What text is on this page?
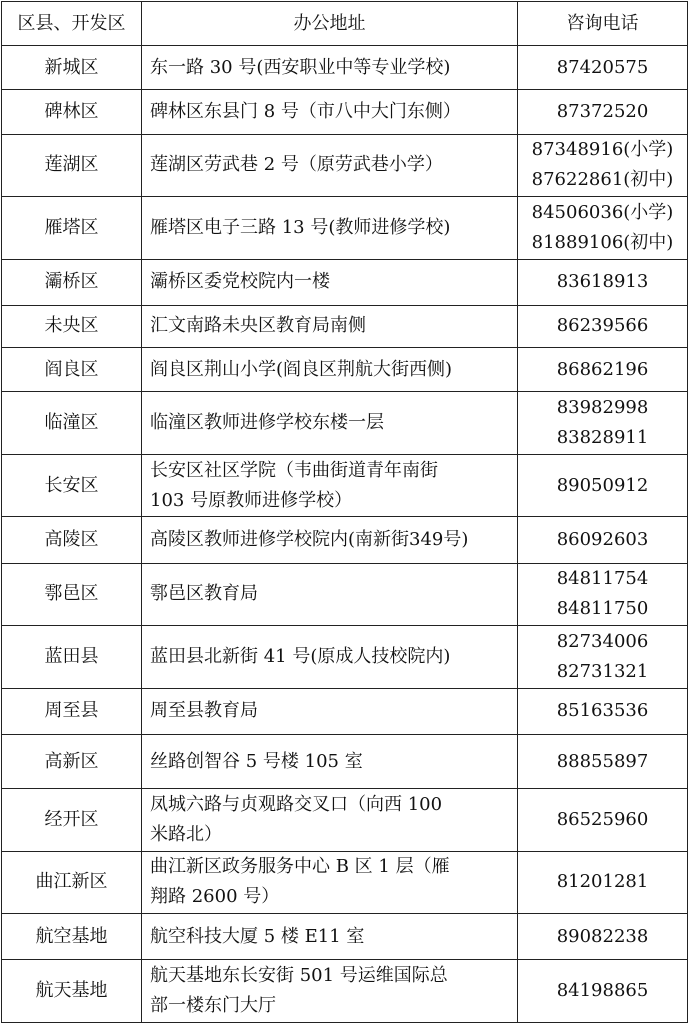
区县、开发区	办公地址	咨询电话
新城区	东一路 30 号(西安职业中等专业学校)	87420575

碑林区	碑林区东县门 8 号（市八中大门东侧）	87372520

莲湖区	莲湖区劳武巷 2 号（原劳武巷小学）	87348916(小学)
87622861(初中)

雁塔区	雁塔区电子三路 13 号(教师进修学校)	84506036(小学)
81889106(初中)

灞桥区	灞桥区委党校院内一楼	83618913

未央区	汇文南路未央区教育局南侧	86239566

阎良区	阎良区荆山小学(阎良区荆航大街西侧)	86862196

临潼区	临潼区教师进修学校东楼一层	83982998
83828911

长安区	长安区社区学院（韦曲街道青年南街
103 号原教师进修学校）	89050912

高陵区	高陵区教师进修学校院内(南新街349号)	86092603

鄠邑区	鄠邑区教育局	84811754
84811750

蓝田县	蓝田县北新街 41 号(原成人技校院内)	82734006
82731321

周至县	周至县教育局	85163536

高新区	丝路创智谷 5 号楼 105 室	88855897

经开区	凤城六路与贞观路交叉口（向西 100
米路北）	86525960

曲江新区	曲江新区政务服务中心 B 区 1 层（雁
翔路 2600 号）	81201281

航空基地	航空科技大厦 5 楼 E11 室	89082238

航天基地	航天基地东长安街 501 号运维国际总
部一楼东门大厅	84198865
